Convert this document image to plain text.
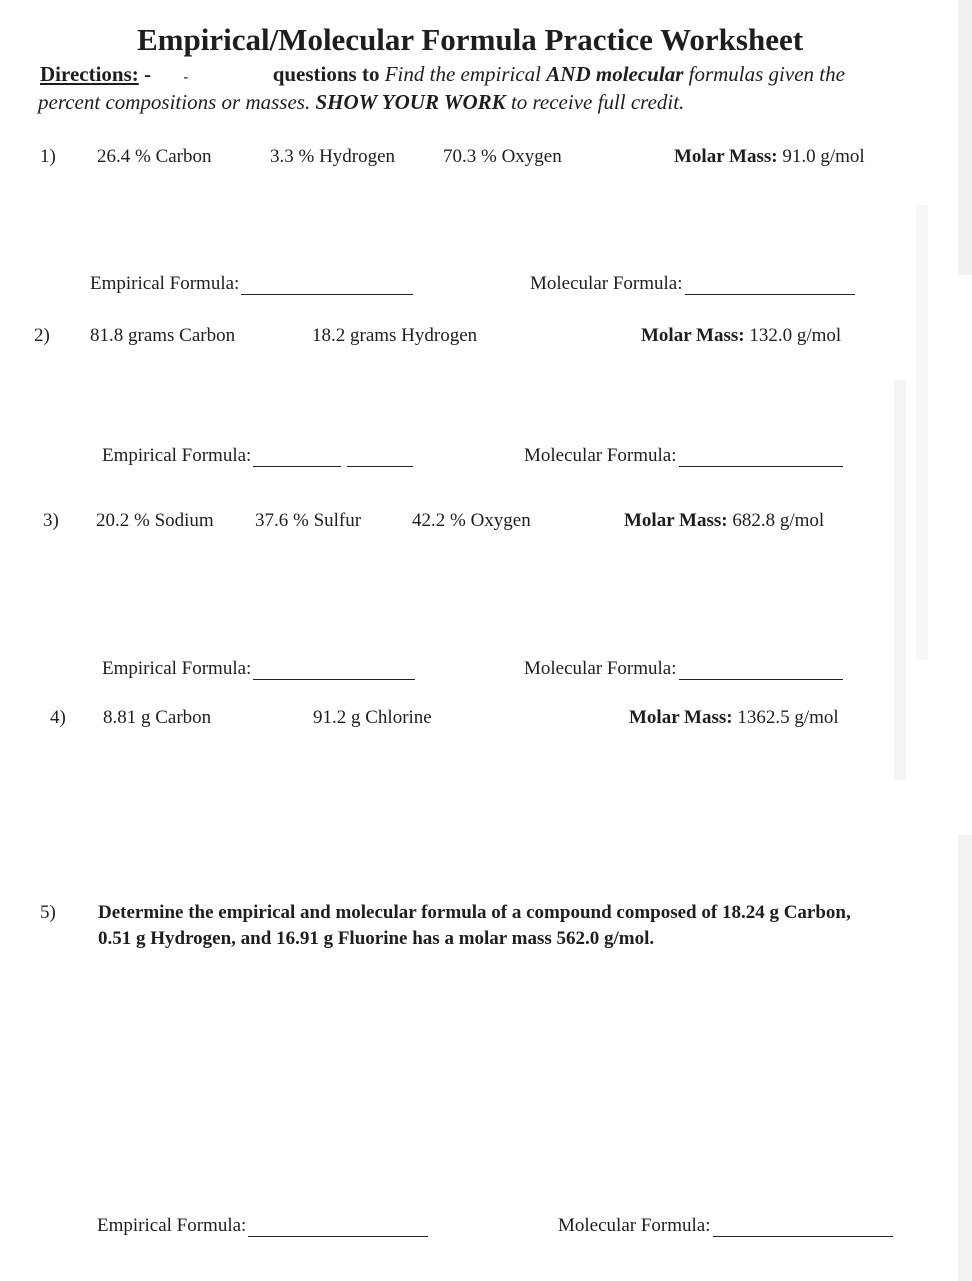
Empirical/Molecular Formula Practice Worksheet
Directions: - -	questions to Find the empirical AND molecular formulas given the
percent compositions or masses. SHOW YOUR WORK to receive full credit.
1) 26.4 % Carbon	3.3 % Hydrogen	70.3 % Oxygen	Molar Mass: 91.0 g/mol
Empirical Formula:	Molecular Formula:
2) 81.8 grams Carbon	18.2 grams Hydrogen	Molar Mass: 132.0 g/mol
Empirical Formula:	Molecular Formula:
3) 20.2 % Sodium 37.6 % Sulfur	42.2 % Oxygen	Molar Mass: 682.8 g/mol
Empirical Formula:	Molecular Formula:
4) 8.81 g Carbon	91.2 g Chlorine	Molar Mass: 1362.5 g/mol
5) Determine the empirical and molecular formula of a compound composed of 18.24 g Carbon,
0.51 g Hydrogen, and 16.91 g Fluorine has a molar mass 562.0 g/mol.
Empirical Formula:	Molecular Formula:
